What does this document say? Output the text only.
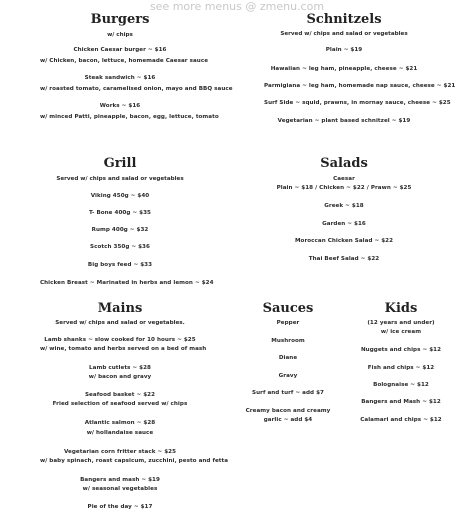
see more menus @ zmenu.com
Burgers
w/ chips
Chicken Caesar burger ~ $16
w/ Chicken, bacon, lettuce, homemade Caesar sauce
Steak sandwich ~ $16
w/ roasted tomato, caramelised onion, mayo and BBQ sauce
Works ~ $16
w/ minced Patti, pineapple, bacon, egg, lettuce, tomato
Schnitzels
Served w/ chips and salad or vegetables
Plain ~ $19
Hawaiian ~ leg ham, pineapple, cheese ~ $21
Parmigiana ~ leg ham, homemade nap sauce, cheese ~ $21
Surf Side ~ squid, prawns, in mornay sauce, cheese ~ $25
Vegetarian ~ plant based schnitzel ~ $19
Grill
Served w/ chips and salad or vegetables
Viking 450g ~ $40
T- Bone 400g ~ $35
Rump 400g ~ $32
Scotch 350g ~ $36
Big boys feed ~ $33
Chicken Breast ~ Marinated in herbs and lemon ~ $24
Salads
Caesar
Plain ~ $18 / Chicken ~ $22 / Prawn ~ $25
Greek ~ $18
Garden ~ $16
Moroccan Chicken Salad ~ $22
Thai Beef Salad ~ $22
Mains
Served w/ chips and salad or vegetables.
Lamb shanks ~ slow cooked for 10 hours ~ $25
w/ wine, tomato and herbs served on a bed of mash
Lamb cutlets ~ $28
w/ bacon and gravy
Seafood basket ~ $22
Fried selection of seafood served w/ chips
Atlantic salmon ~ $28
w/ hollandaise sauce
Vegetarian corn fritter stack ~ $25
w/ baby spinach, roast capsicum, zucchini, pesto and fetta
Bangers and mash ~ $19
w/ seasonal vegetables
Pie of the day ~ $17
Sauces
Pepper
Mushroom
Diane
Gravy
Surf and turf ~ add $7
Creamy bacon and creamy
garlic ~ add $4
Kids
(12 years and under)
w/ ice cream
Nuggets and chips ~ $12
Fish and chips ~ $12
Bolognaise ~ $12
Bangers and Mash ~ $12
Calamari and chips ~ $12
